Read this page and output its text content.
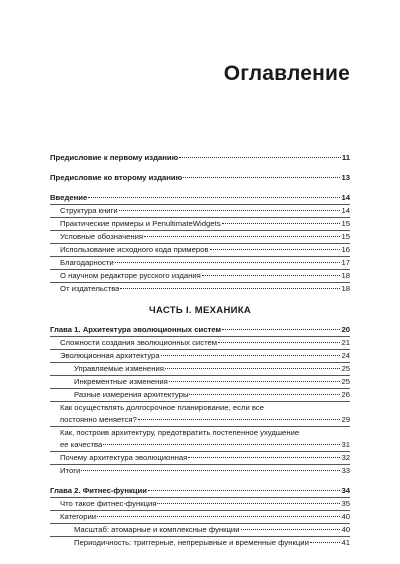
Оглавление
Предисловие к первому изданию	11
Предисловие ко второму изданию	13
Введение	14
Структура книги	14
Практические примеры и PenultimateWidgets	15
Условные обозначения	15
Использование исходного кода примеров	16
Благодарности	17
О научном редакторе русского издания	18
От издательства	18
ЧАСТЬ I. МЕХАНИКА
Глава 1. Архитектура эволюционных систем	20
Сложности создания эволюционных систем	21
Эволюционная архитектура	24
Управляемые изменения	25
Инкрементные изменения	25
Разные измерения архитектуры	26
Как осуществлять долгосрочное планирование, если все
постоянно меняется?	29
Как, построив архитектуру, предотвратить постепенное ухудшение
ее качества	31
Почему архитектура эволюционная	32
Итоги	33
Глава 2. Фитнес-функции	34
Что такое фитнес-функция	35
Категории	40
Масштаб: атомарные и комплексные функции	40
Периодичность: триггерные, непрерывные и временные функции	41
